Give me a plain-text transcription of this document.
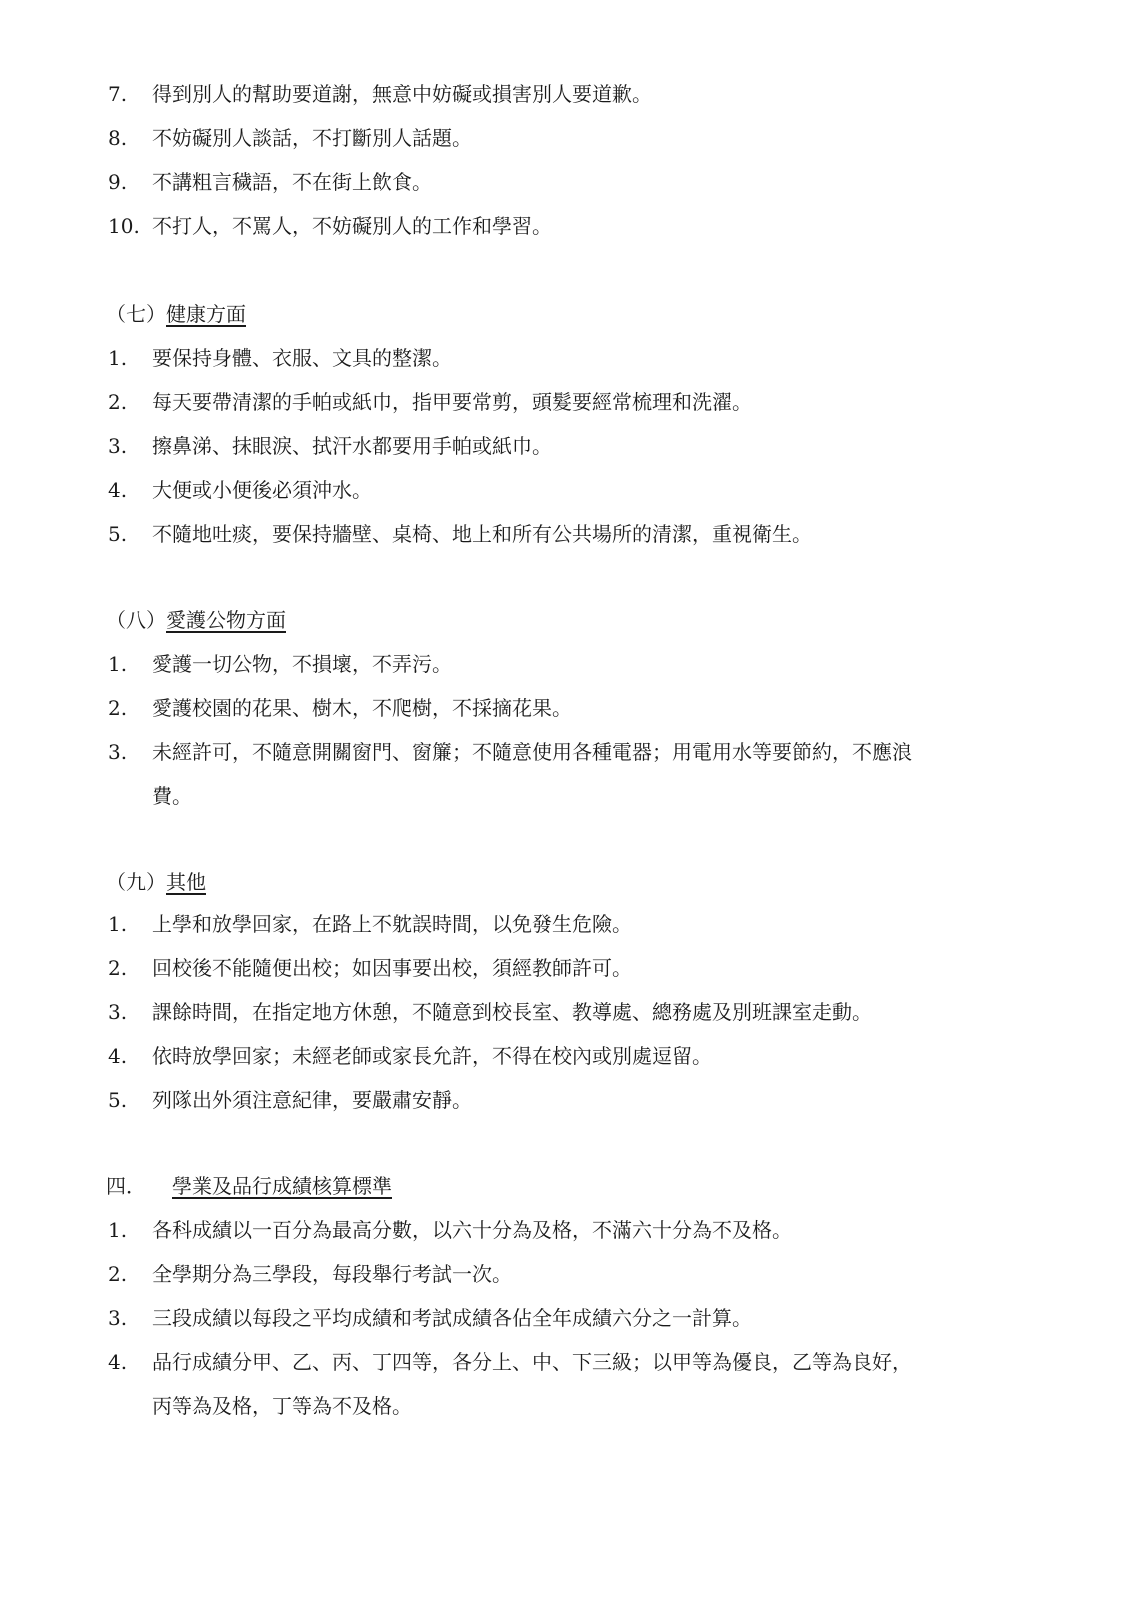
7.	得到別人的幫助要道謝，無意中妨礙或損害別人要道歉。
8.	不妨礙別人談話，不打斷別人話題。
9.	不講粗言穢語，不在街上飲食。
10. 不打人，不罵人，不妨礙別人的工作和學習。
（七）健康方面
1.	要保持身體、衣服、文具的整潔。
2.	每天要帶清潔的手帕或紙巾，指甲要常剪，頭髮要經常梳理和洗濯。
3.	擦鼻涕、抹眼淚、拭汗水都要用手帕或紙巾。
4.	大便或小便後必須沖水。
5.	不隨地吐痰，要保持牆壁、桌椅、地上和所有公共場所的清潔，重視衛生。
（八）愛護公物方面
1.	愛護一切公物，不損壞，不弄污。
2.	愛護校園的花果、樹木，不爬樹，不採摘花果。
3.	未經許可，不隨意開關窗門、窗簾；不隨意使用各種電器；用電用水等要節約，不應浪
費。
（九）其他
1.	上學和放學回家，在路上不躭誤時間，以免發生危險。
2.	回校後不能隨便出校；如因事要出校，須經教師許可。
3.	課餘時間，在指定地方休憩，不隨意到校長室、教導處、總務處及別班課室走動。
4.	依時放學回家；未經老師或家長允許，不得在校內或別處逗留。
5.	列隊出外須注意紀律，要嚴肅安靜。
四． 學業及品行成績核算標準
1.	各科成績以一百分為最高分數，以六十分為及格，不滿六十分為不及格。
2.	全學期分為三學段，每段舉行考試一次。
3.	三段成績以每段之平均成績和考試成績各佔全年成績六分之一計算。
4.	品行成績分甲、乙、丙、丁四等，各分上、中、下三級；以甲等為優良，乙等為良好，
丙等為及格，丁等為不及格。
